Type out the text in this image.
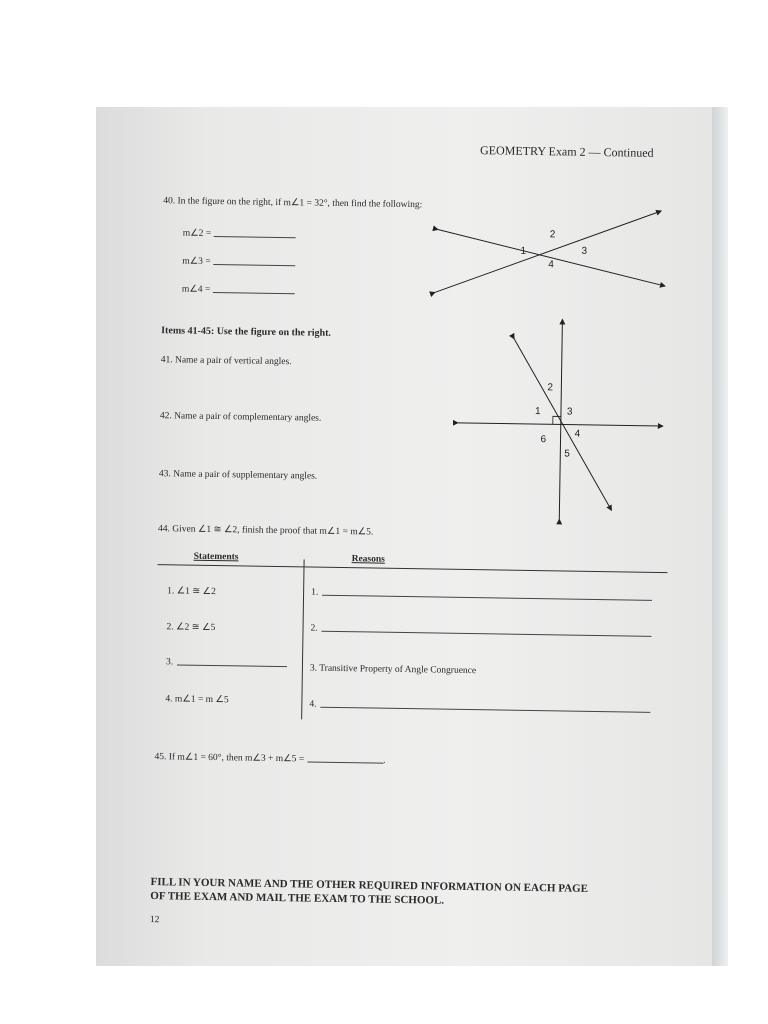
GEOMETRY Exam 2 — Continued
40. In the figure on the right, if m∠1 = 32°, then find the following:
m∠2 =
m∠3 =
m∠4 =
1
2
3
4
Items 41-45: Use the figure on the right.
41. Name a pair of vertical angles.
42. Name a pair of complementary angles.
43. Name a pair of supplementary angles.
2
1	3
4
6
5
44. Given ∠1 ≅ ∠2, finish the proof that m∠1 = m∠5.
Statements	Reasons
1. ∠1 ≅ ∠2	1.
2. ∠2 ≅ ∠5	2.
3.
3. Transitive Property of Angle Congruence
4. m∠1 = m ∠5	4.
45. If m∠1 = 60°, then m∠3 + m∠5 =	.
FILL IN YOUR NAME AND THE OTHER REQUIRED INFORMATION ON EACH PAGE
OF THE EXAM AND MAIL THE EXAM TO THE SCHOOL.
12
